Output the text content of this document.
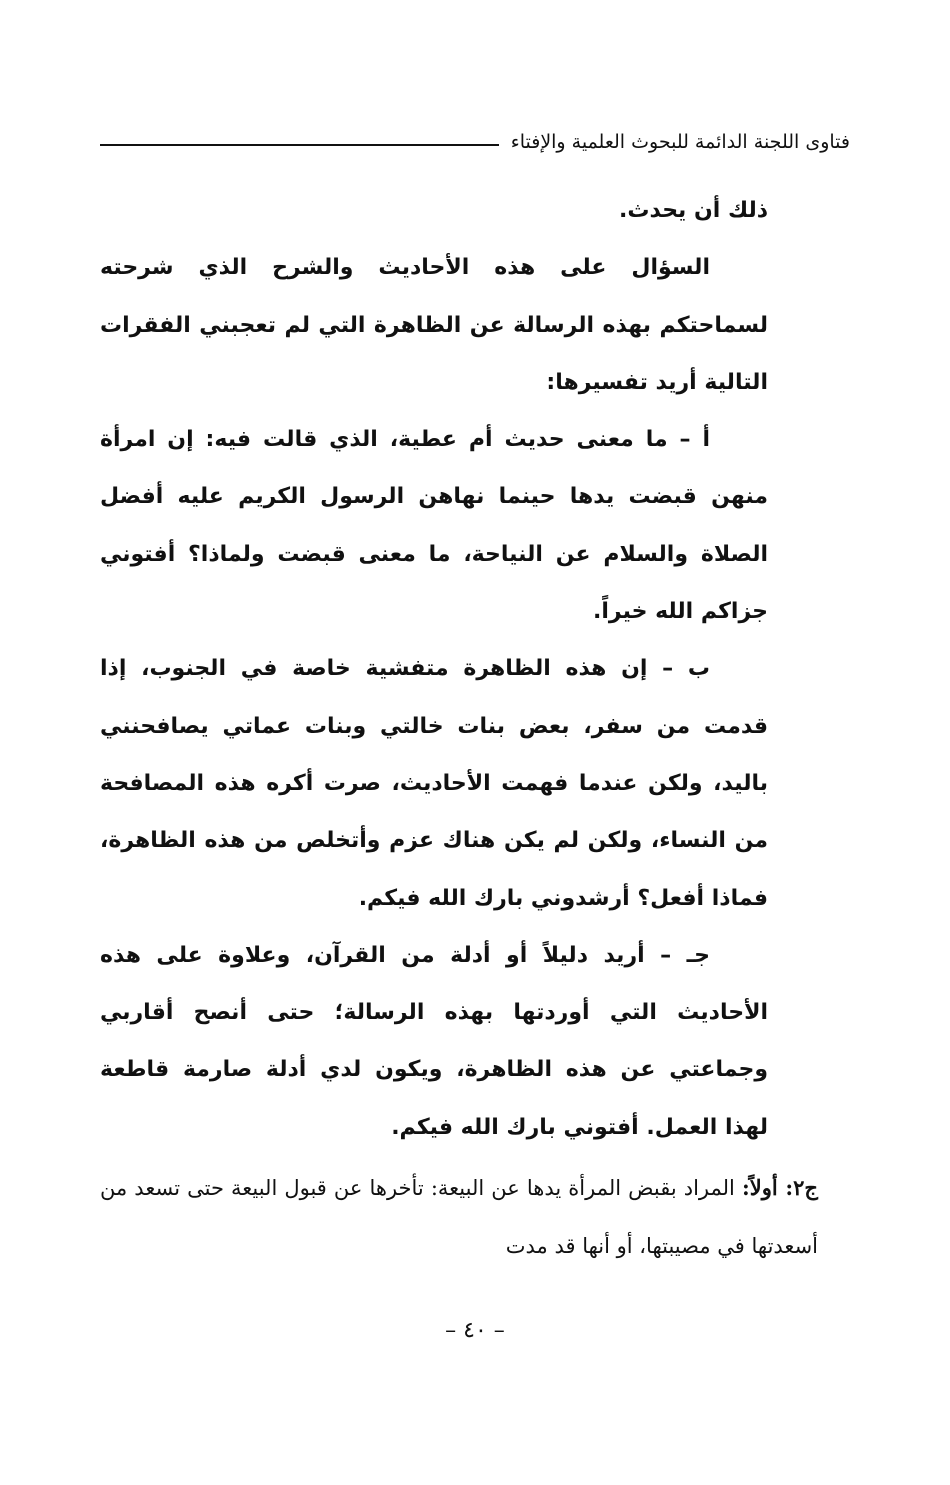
فتاوى اللجنة الدائمة للبحوث العلمية والإفتاء

ذلك أن يحدث.

السؤال على هذه الأحاديث والشرح الذي شرحته لسماحتكم بهذه الرسالة عن الظاهرة التي لم تعجبني الفقرات التالية أريد تفسيرها:

أ – ما معنى حديث أم عطية، الذي قالت فيه: إن امرأة منهن قبضت يدها حينما نهاهن الرسول الكريم عليه أفضل الصلاة والسلام عن النياحة، ما معنى قبضت ولماذا؟ أفتوني جزاكم الله خيراً.

ب – إن هذه الظاهرة متفشية خاصة في الجنوب، إذا قدمت من سفر، بعض بنات خالتي وبنات عماتي يصافحنني باليد، ولكن عندما فهمت الأحاديث، صرت أكره هذه المصافحة من النساء، ولكن لم يكن هناك عزم وأتخلص من هذه الظاهرة، فماذا أفعل؟ أرشدوني بارك الله فيكم.

جـ – أريد دليلاً أو أدلة من القرآن، وعلاوة على هذه الأحاديث التي أوردتها بهذه الرسالة؛ حتى أنصح أقاربي وجماعتي عن هذه الظاهرة، ويكون لدي أدلة صارمة قاطعة لهذا العمل. أفتوني بارك الله فيكم.

ج٢: أولاً: المراد بقبض المرأة يدها عن البيعة: تأخرها عن قبول البيعة حتى تسعد من أسعدتها في مصيبتها، أو أنها قد مدت

– ٤٠ –
